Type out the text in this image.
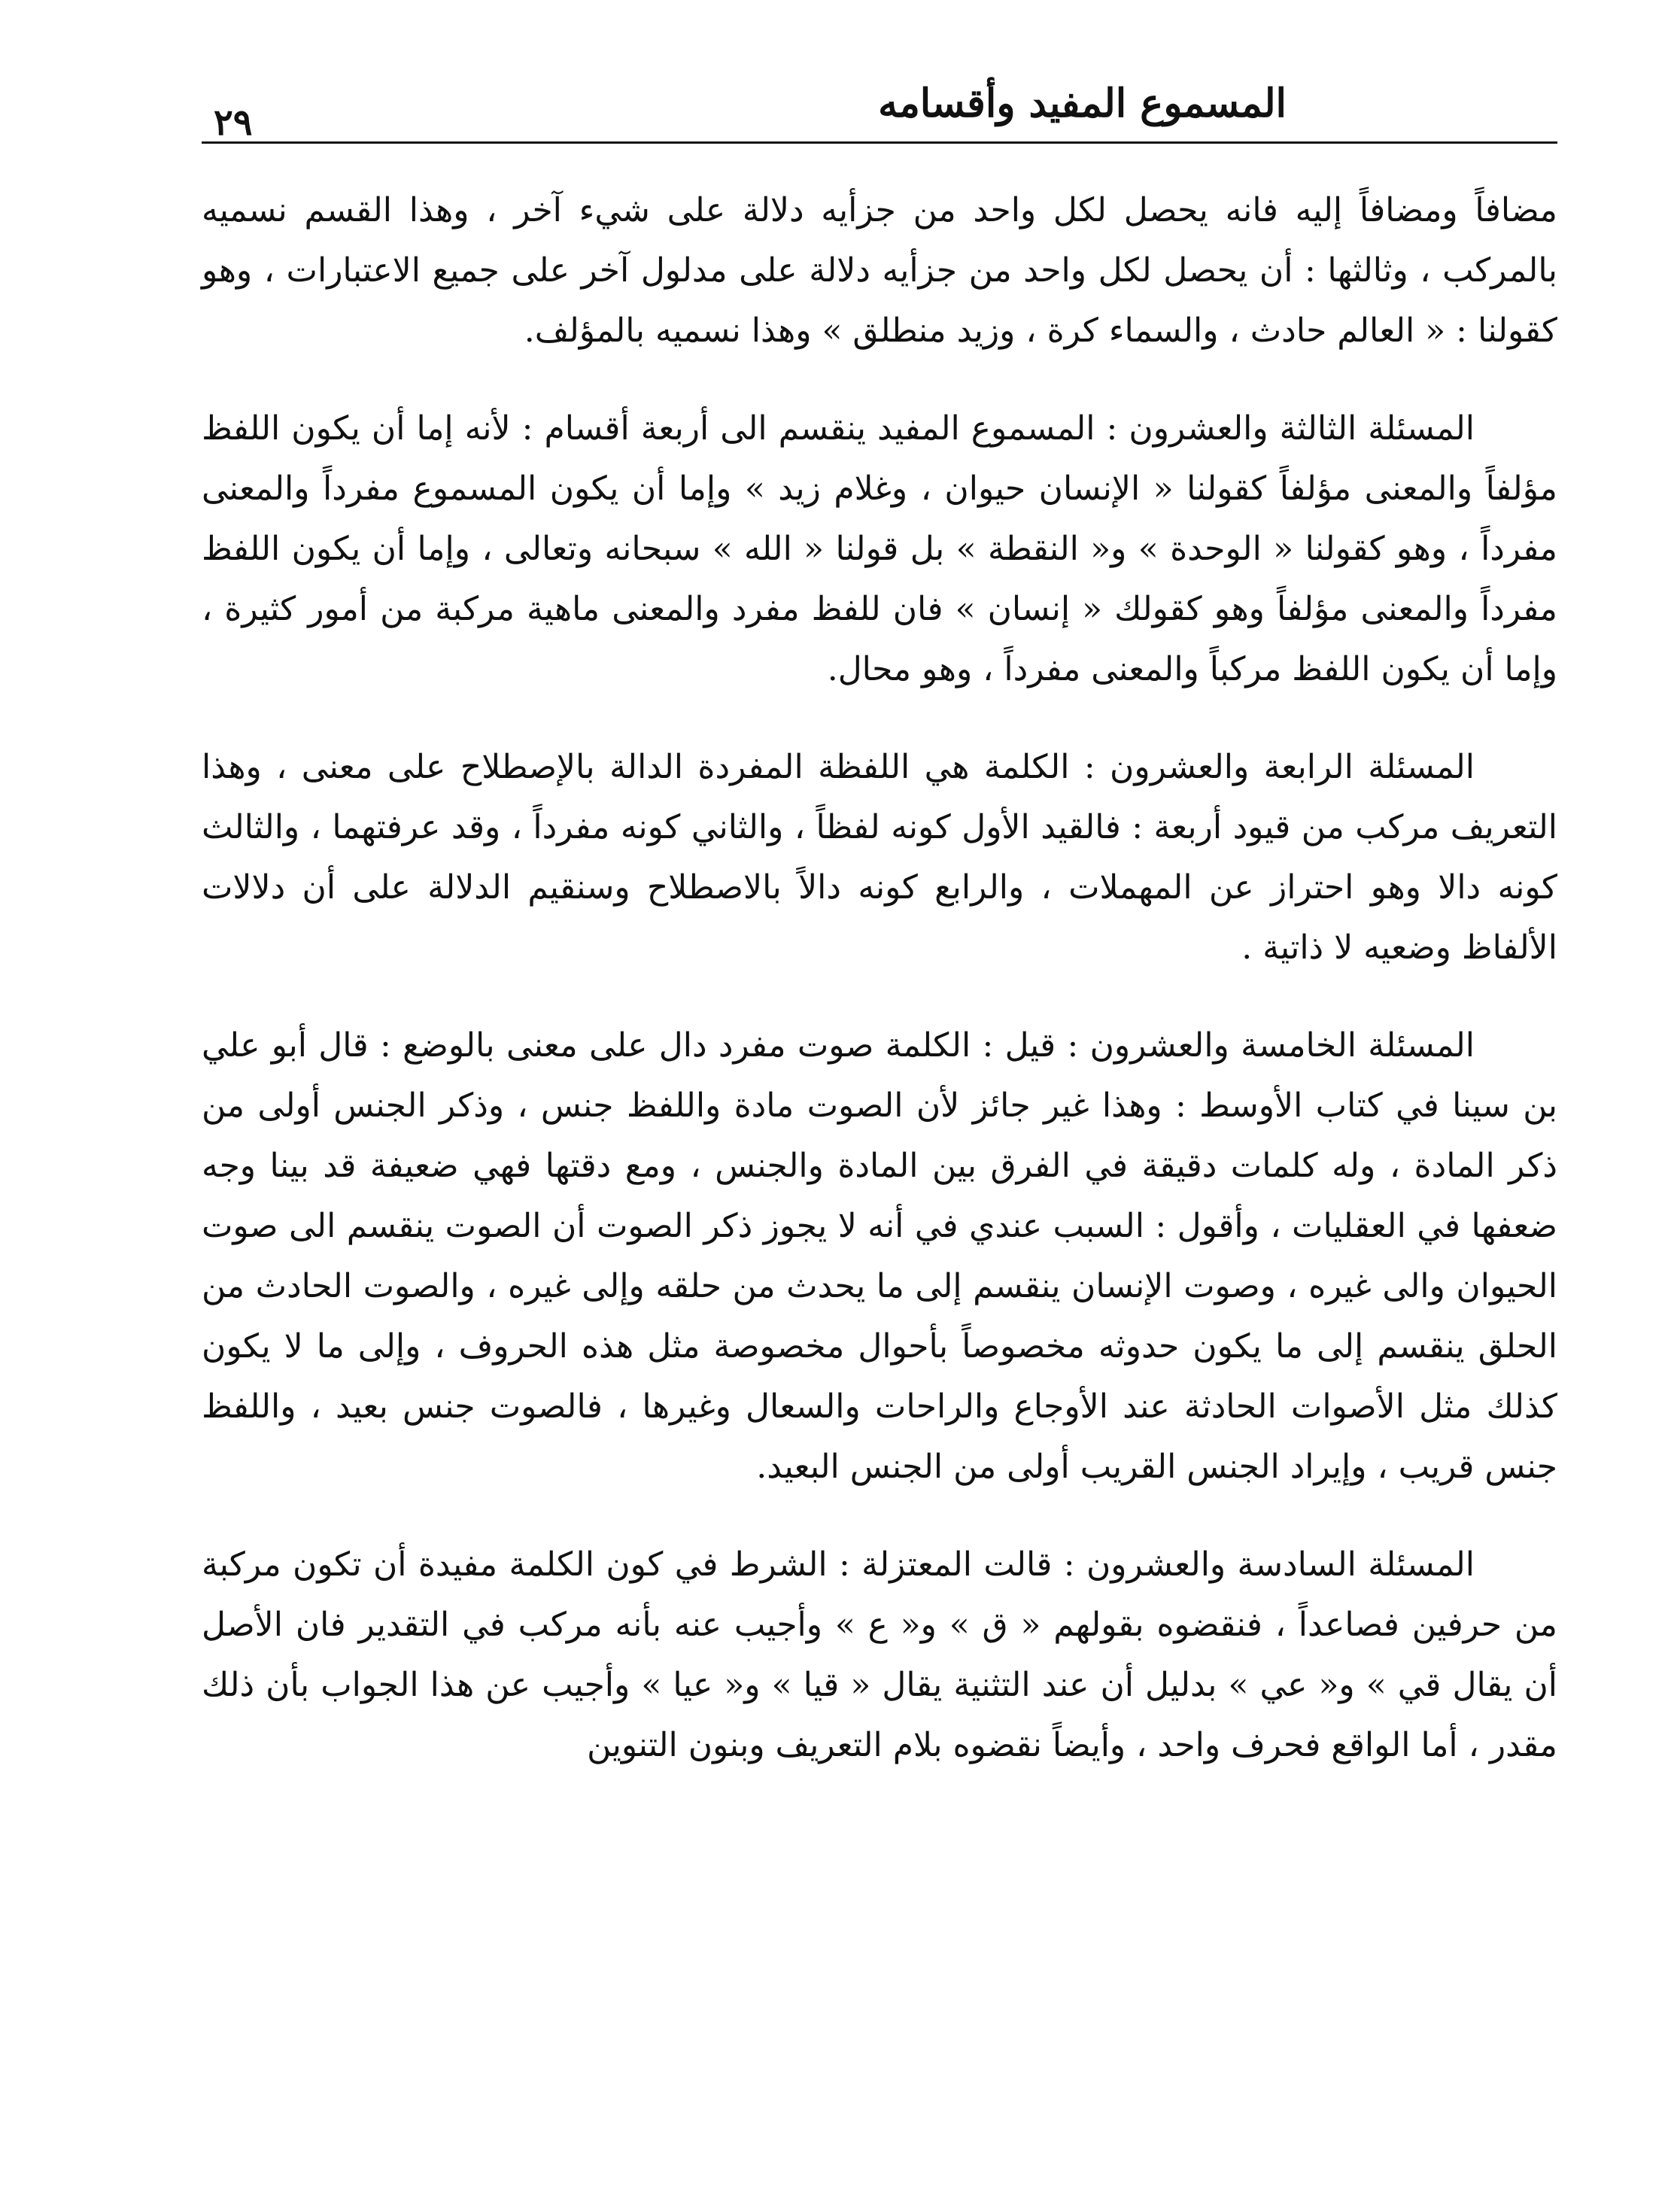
المسموع المفيد وأقسامه
٢٩

مضافاً ومضافاً إليه فانه يحصل لكل واحد من جزأيه دلالة على شيء آخر ، وهذا القسم نسميه بالمركب ، وثالثها : أن يحصل لكل واحد من جزأيه دلالة على مدلول آخر على جميع الاعتبارات ، وهو كقولنا : « العالم حادث ، والسماء كرة ، وزيد منطلق » وهذا نسميه بالمؤلف.

المسئلة الثالثة والعشرون : المسموع المفيد ينقسم الى أربعة أقسام : لأنه إما أن يكون اللفظ مؤلفاً والمعنى مؤلفاً كقولنا « الإنسان حيوان ، وغلام زيد » وإما أن يكون المسموع مفرداً والمعنى مفرداً ، وهو كقولنا « الوحدة » و« النقطة » بل قولنا « الله » سبحانه وتعالى ، وإما أن يكون اللفظ مفرداً والمعنى مؤلفاً وهو كقولك « إنسان » فان للفظ مفرد والمعنى ماهية مركبة من أمور كثيرة ، وإما أن يكون اللفظ مركباً والمعنى مفرداً ، وهو محال.

المسئلة الرابعة والعشرون : الكلمة هي اللفظة المفردة الدالة بالإصطلاح على معنى ، وهذا التعريف مركب من قيود أربعة : فالقيد الأول كونه لفظاً ، والثاني كونه مفرداً ، وقد عرفتهما ، والثالث كونه دالا وهو احتراز عن المهملات ، والرابع كونه دالاً بالاصطلاح وسنقيم الدلالة على أن دلالات الألفاظ وضعيه لا ذاتية .

المسئلة الخامسة والعشرون : قيل : الكلمة صوت مفرد دال على معنى بالوضع : قال أبو علي بن سينا في كتاب الأوسط : وهذا غير جائز لأن الصوت مادة واللفظ جنس ، وذكر الجنس أولى من ذكر المادة ، وله كلمات دقيقة في الفرق بين المادة والجنس ، ومع دقتها فهي ضعيفة قد بينا وجه ضعفها في العقليات ، وأقول : السبب عندي في أنه لا يجوز ذكر الصوت أن الصوت ينقسم الى صوت الحيوان والى غيره ، وصوت الإنسان ينقسم إلى ما يحدث من حلقه وإلى غيره ، والصوت الحادث من الحلق ينقسم إلى ما يكون حدوثه مخصوصاً بأحوال مخصوصة مثل هذه الحروف ، وإلى ما لا يكون كذلك مثل الأصوات الحادثة عند الأوجاع والراحات والسعال وغيرها ، فالصوت جنس بعيد ، واللفظ جنس قريب ، وإيراد الجنس القريب أولى من الجنس البعيد.

المسئلة السادسة والعشرون : قالت المعتزلة : الشرط في كون الكلمة مفيدة أن تكون مركبة من حرفين فصاعداً ، فنقضوه بقولهم « ق » و« ع » وأجيب عنه بأنه مركب في التقدير فان الأصل أن يقال قي » و« عي » بدليل أن عند التثنية يقال « قيا » و« عيا » وأجيب عن هذا الجواب بأن ذلك مقدر ، أما الواقع فحرف واحد ، وأيضاً نقضوه بلام التعريف وبنون التنوين
